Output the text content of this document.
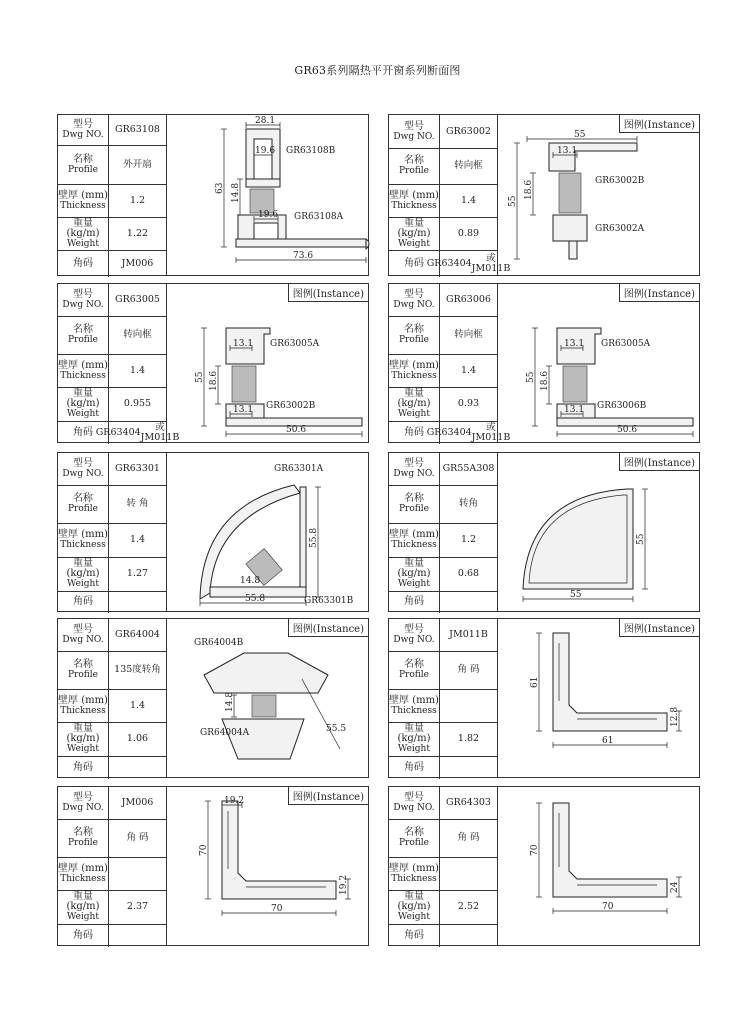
GR63系列隔热平开窗系列断面图
型号
Dwg NO. GR63108
名称
Profile	外开扇
壁厚 (mm)
Thickness	1.2
重量 (kg/m)
Weight
1.22
角码	JM006
28.1
19.6
63 14.8
19.6
73.6
GR63108B
GR63108A
型号
Dwg NO. GR63002
名称
Profile	转向框
壁厚 (mm)
Thickness	1.4
重量 (kg/m)
Weight
0.89
角码 GR63404	或JM011B
图例(Instance)
55
13.1
55
18.6	GR63002B
GR63002A
型号
Dwg NO. GR63005
名称
Profile	转向框
壁厚 (mm)
Thickness	1.4
重量 (kg/m)
Weight
0.955
角码 GR63404	或JM011B
图例(Instance)
13.1
55 18.6
13.1
50.6
GR63005A
GR63002B
型号
Dwg NO. GR63006
名称
Profile	转向框
壁厚 (mm)
Thickness	1.4
重量 (kg/m)
Weight
0.93
角码 GR63404	或JM011B
图例(Instance)
13.1
55 18.6
13.1
50.6
GR63005A
GR63006B
型号
Dwg NO. GR63301
名称
Profile	转 角
壁厚 (mm)
Thickness	1.4
重量 (kg/m)
Weight
1.27
角码
55.8
55.8
GR63301A
GR63301B
14.8
型号
Dwg NO. GR55A308
名称
Profile	转角
壁厚 (mm)
Thickness	1.2
重量 (kg/m)
Weight
0.68
角码
图例(Instance)
55
55
型号
Dwg NO. GR64004
名称
Profile 135度转角
壁厚 (mm)
Thickness	1.4
重量 (kg/m)
Weight
1.06
角码
图例(Instance)
14.8
55.5
GR64004B
GR64004A
型号
Dwg NO. JM011B
名称
Profile	角 码
壁厚 (mm)
Thickness
重量 (kg/m)
Weight
1.82
角码
图例(Instance)
61
12.8
61
型号
Dwg NO. JM006
名称
Profile	角 码
壁厚 (mm)
Thickness
重量 (kg/m)
Weight
2.37
角码
图例(Instance)
70
19.2
70
19.2	型号
Dwg NO. GR64303
名称
Profile	角 码
壁厚 (mm)
Thickness
重量 (kg/m)
Weight
2.52
角码
70
24
70
